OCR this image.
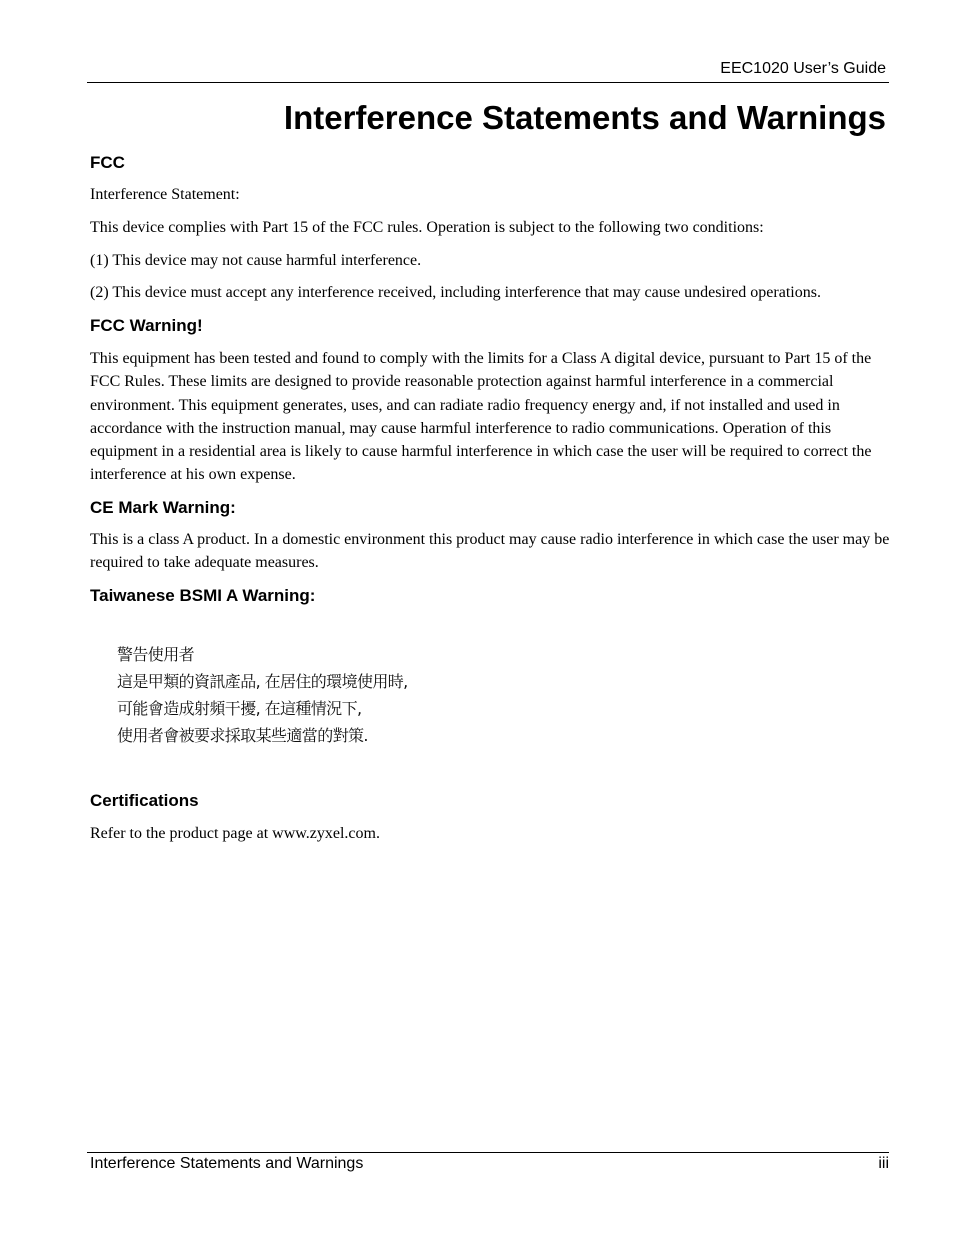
EEC1020 User’s Guide
Interference Statements and Warnings
FCC

Interference Statement:

This device complies with Part 15 of the FCC rules. Operation is subject to the following two conditions:

(1) This device may not cause harmful interference.

(2) This device must accept any interference received, including interference that may cause undesired operations.

FCC Warning!

This equipment has been tested and found to comply with the limits for a Class A digital device, pursuant to Part 15 of the FCC Rules. These limits are designed to provide reasonable protection against harmful interference in a commercial environment. This equipment generates, uses, and can radiate radio frequency energy and, if not installed and used in accordance with the instruction manual, may cause harmful interference to radio communications. Operation of this equipment in a residential area is likely to cause harmful interference in which case the user will be required to correct the interference at his own expense.

CE Mark Warning:

This is a class A product. In a domestic environment this product may cause radio interference in which case the user may be required to take adequate measures.

Taiwanese BSMI A Warning:
警告使用者
這是甲類的資訊產品, 在居住的環境使用時,
可能會造成射頻干擾, 在這種情況下,
使用者會被要求採取某些適當的對策.
Certifications

Refer to the product page at www.zyxel.com.

Interference Statements and Warnings	iii
